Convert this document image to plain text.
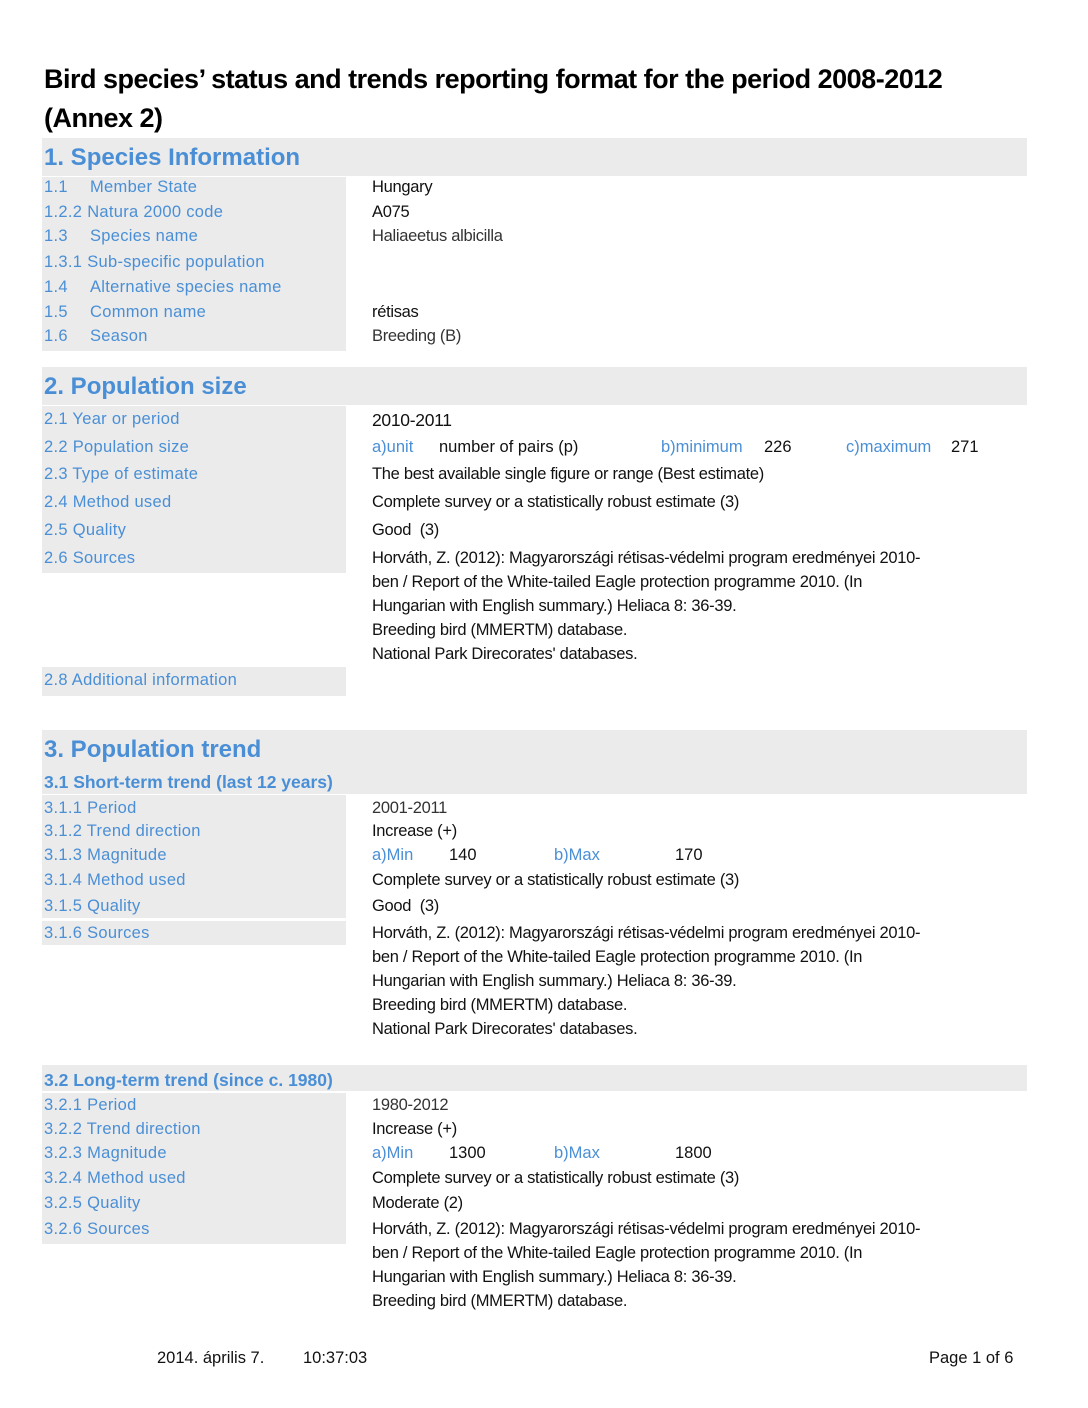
Bird species’ status and trends reporting format for the period 2008-2012
(Annex 2)
1. Species Information
1.1 Member State	Hungary
1.2.2 Natura 2000 code	A075
1.3 Species name	Haliaeetus albicilla
1.3.1 Sub-specific population
1.4 Alternative species name
1.5 Common name	rétisas
1.6 Season	Breeding (B)
2. Population size
2.1 Year or period	2010-2011
2.2 Population size	a)unit number of pairs (p)	b)minimum 226	c)maximum 271
2.3 Type of estimate	The best available single figure or range (Best estimate)
2.4 Method used	Complete survey or a statistically robust estimate (3)
2.5 Quality	Good  (3)
2.6 Sources	Horváth, Z. (2012): Magyarországi rétisas-védelmi program eredményei 2010-
ben / Report of the White-tailed Eagle protection programme 2010. (In
Hungarian with English summary.) Heliaca 8: 36-39.
Breeding bird (MMERTM) database.
National Park Direcorates' databases.
2.8 Additional information
3. Population trend
3.1 Short-term trend (last 12 years)
3.1.1 Period	2001-2011
3.1.2 Trend direction	Increase (+)
3.1.3 Magnitude	a)Min 140	b)Max	170
3.1.4 Method used	Complete survey or a statistically robust estimate (3)
3.1.5 Quality	Good  (3)
3.1.6 Sources	Horváth, Z. (2012): Magyarországi rétisas-védelmi program eredményei 2010-
ben / Report of the White-tailed Eagle protection programme 2010. (In
Hungarian with English summary.) Heliaca 8: 36-39.
Breeding bird (MMERTM) database.
National Park Direcorates' databases.
3.2 Long-term trend (since c. 1980)
3.2.1 Period	1980-2012
3.2.2 Trend direction	Increase (+)
3.2.3 Magnitude	a)Min 1300	b)Max	1800
3.2.4 Method used	Complete survey or a statistically robust estimate (3)
3.2.5 Quality	Moderate (2)
3.2.6 Sources	Horváth, Z. (2012): Magyarországi rétisas-védelmi program eredményei 2010-
ben / Report of the White-tailed Eagle protection programme 2010. (In
Hungarian with English summary.) Heliaca 8: 36-39.
Breeding bird (MMERTM) database.
2014. április 7. 10:37:03	Page 1 of 6
